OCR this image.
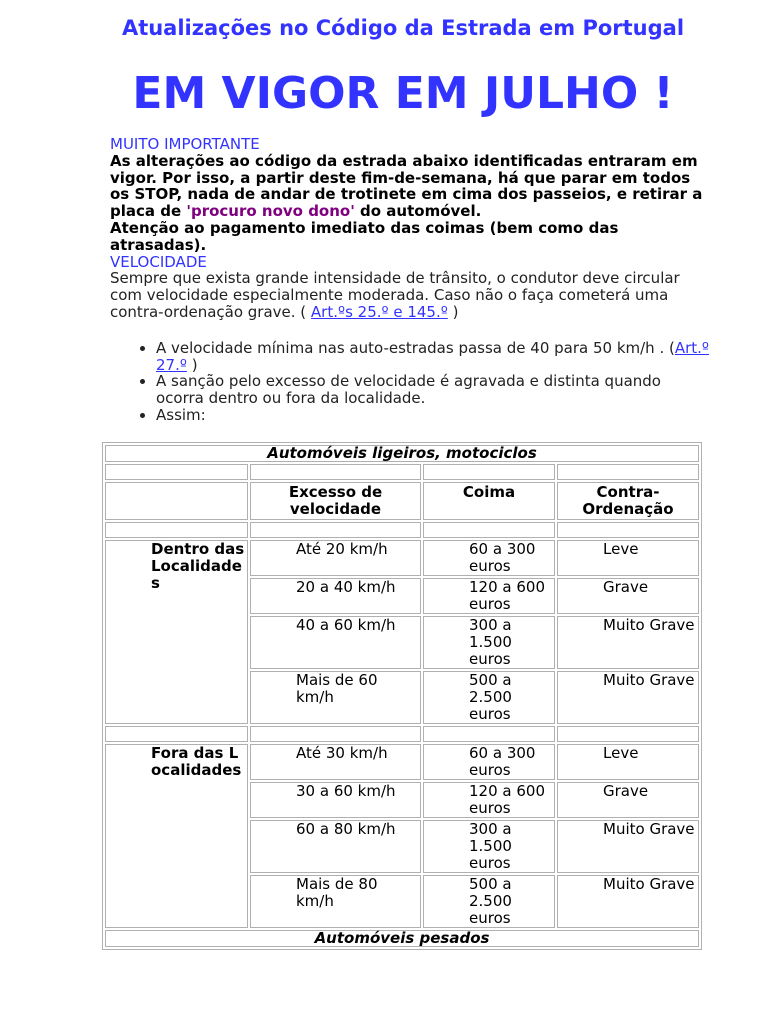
Atualizações no Código da Estrada em Portugal
EM VIGOR EM JULHO !
MUITO IMPORTANTE
As alterações ao código da estrada abaixo identificadas entraram em vigor. Por isso, a partir deste fim-de-semana, há que parar em todos os STOP, nada de andar de trotinete em cima dos passeios, e retirar a placa de 'procuro novo dono' do automóvel.
Atenção ao pagamento imediato das coimas (bem como das atrasadas).
VELOCIDADE
Sempre que exista grande intensidade de trânsito, o condutor deve circular com velocidade especialmente moderada. Caso não o faça cometerá uma contra-ordenação grave. ( Art.ºs 25.º e 145.º )
• A velocidade mínima nas auto-estradas passa de 40 para 50 km/h . (Art.º 27.º )
• A sanção pelo excesso de velocidade é agravada e distinta quando ocorra dentro ou fora da localidade.
• Assim:
Automóveis ligeiros, motociclos			

	Excesso de velocidade	Coima	Contra-Ordenação

Dentro das Localidades	Até 20 km/h	60 a 300 euros	Leve
	20 a 40 km/h	120 a 600 euros	Grave
	40 a 60 km/h	300 a 1.500 euros	Muito Grave
	Mais de 60 km/h	500 a 2.500 euros	Muito Grave

Fora das Localidades	Até 30 km/h	60 a 300 euros	Leve
	30 a 60 km/h	120 a 600 euros	Grave
	60 a 80 km/h	300 a 1.500 euros	Muito Grave
	Mais de 80 km/h	500 a 2.500 euros	Muito Grave
Automóveis pesados			
